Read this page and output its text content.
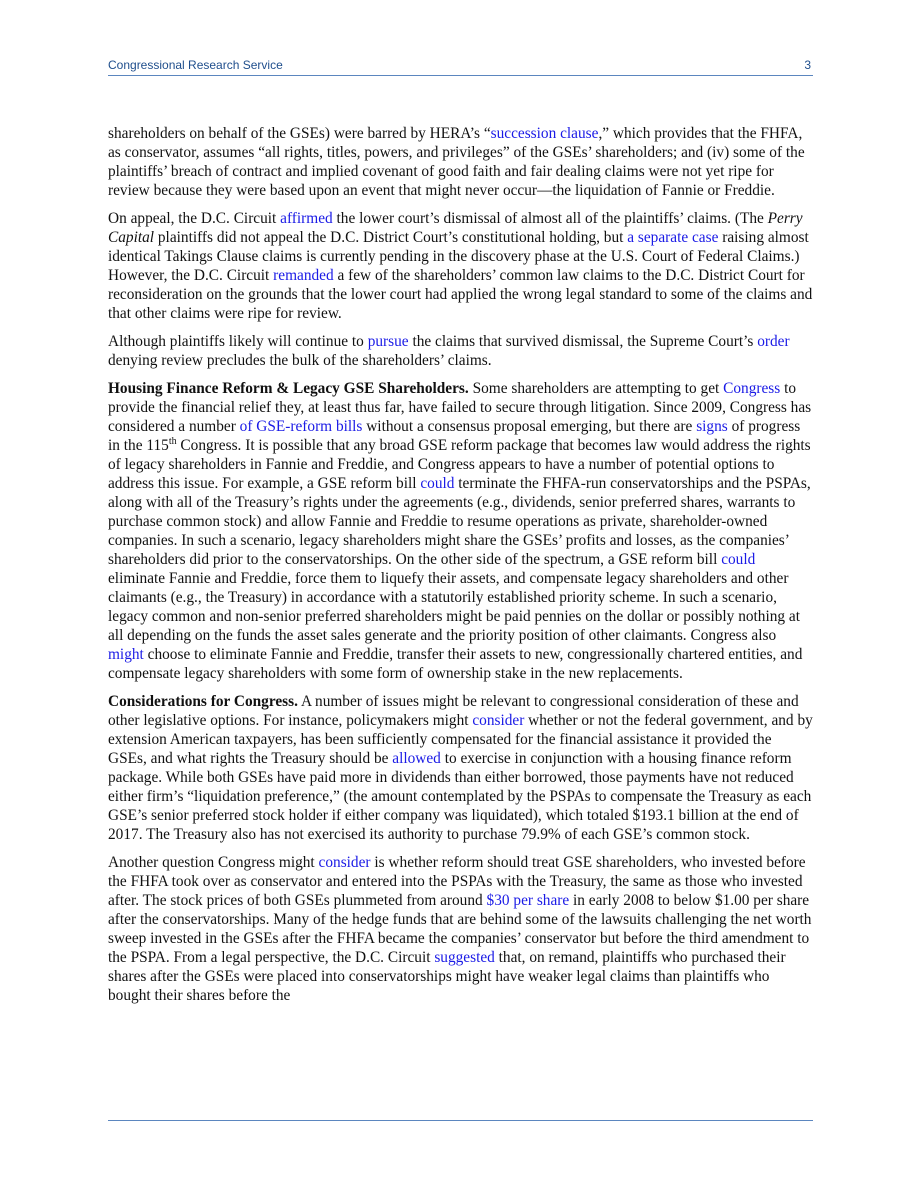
Congressional Research Service	3

shareholders on behalf of the GSEs) were barred by HERA’s “succession clause,” which provides that the FHFA, as conservator, assumes “all rights, titles, powers, and privileges” of the GSEs’ shareholders; and (iv) some of the plaintiffs’ breach of contract and implied covenant of good faith and fair dealing claims were not yet ripe for review because they were based upon an event that might never occur—the liquidation of Fannie or Freddie.

On appeal, the D.C. Circuit affirmed the lower court’s dismissal of almost all of the plaintiffs’ claims. (The Perry Capital plaintiffs did not appeal the D.C. District Court’s constitutional holding, but a separate case raising almost identical Takings Clause claims is currently pending in the discovery phase at the U.S. Court of Federal Claims.) However, the D.C. Circuit remanded a few of the shareholders’ common law claims to the D.C. District Court for reconsideration on the grounds that the lower court had applied the wrong legal standard to some of the claims and that other claims were ripe for review.

Although plaintiffs likely will continue to pursue the claims that survived dismissal, the Supreme Court’s order denying review precludes the bulk of the shareholders’ claims.

Housing Finance Reform & Legacy GSE Shareholders. Some shareholders are attempting to get Congress to provide the financial relief they, at least thus far, have failed to secure through litigation. Since 2009, Congress has considered a number of GSE-reform bills without a consensus proposal emerging, but there are signs of progress in the 115th Congress. It is possible that any broad GSE reform package that becomes law would address the rights of legacy shareholders in Fannie and Freddie, and Congress appears to have a number of potential options to address this issue. For example, a GSE reform bill could terminate the FHFA-run conservatorships and the PSPAs, along with all of the Treasury’s rights under the agreements (e.g., dividends, senior preferred shares, warrants to purchase common stock) and allow Fannie and Freddie to resume operations as private, shareholder-owned companies. In such a scenario, legacy shareholders might share the GSEs’ profits and losses, as the companies’ shareholders did prior to the conservatorships. On the other side of the spectrum, a GSE reform bill could eliminate Fannie and Freddie, force them to liquefy their assets, and compensate legacy shareholders and other claimants (e.g., the Treasury) in accordance with a statutorily established priority scheme. In such a scenario, legacy common and non-senior preferred shareholders might be paid pennies on the dollar or possibly nothing at all depending on the funds the asset sales generate and the priority position of other claimants. Congress also might choose to eliminate Fannie and Freddie, transfer their assets to new, congressionally chartered entities, and compensate legacy shareholders with some form of ownership stake in the new replacements.

Considerations for Congress. A number of issues might be relevant to congressional consideration of these and other legislative options. For instance, policymakers might consider whether or not the federal government, and by extension American taxpayers, has been sufficiently compensated for the financial assistance it provided the GSEs, and what rights the Treasury should be allowed to exercise in conjunction with a housing finance reform package. While both GSEs have paid more in dividends than either borrowed, those payments have not reduced either firm’s “liquidation preference,” (the amount contemplated by the PSPAs to compensate the Treasury as each GSE’s senior preferred stock holder if either company was liquidated), which totaled $193.1 billion at the end of 2017. The Treasury also has not exercised its authority to purchase 79.9% of each GSE’s common stock.

Another question Congress might consider is whether reform should treat GSE shareholders, who invested before the FHFA took over as conservator and entered into the PSPAs with the Treasury, the same as those who invested after. The stock prices of both GSEs plummeted from around $30 per share in early 2008 to below $1.00 per share after the conservatorships. Many of the hedge funds that are behind some of the lawsuits challenging the net worth sweep invested in the GSEs after the FHFA became the companies’ conservator but before the third amendment to the PSPA. From a legal perspective, the D.C. Circuit suggested that, on remand, plaintiffs who purchased their shares after the GSEs were placed into conservatorships might have weaker legal claims than plaintiffs who bought their shares before the
